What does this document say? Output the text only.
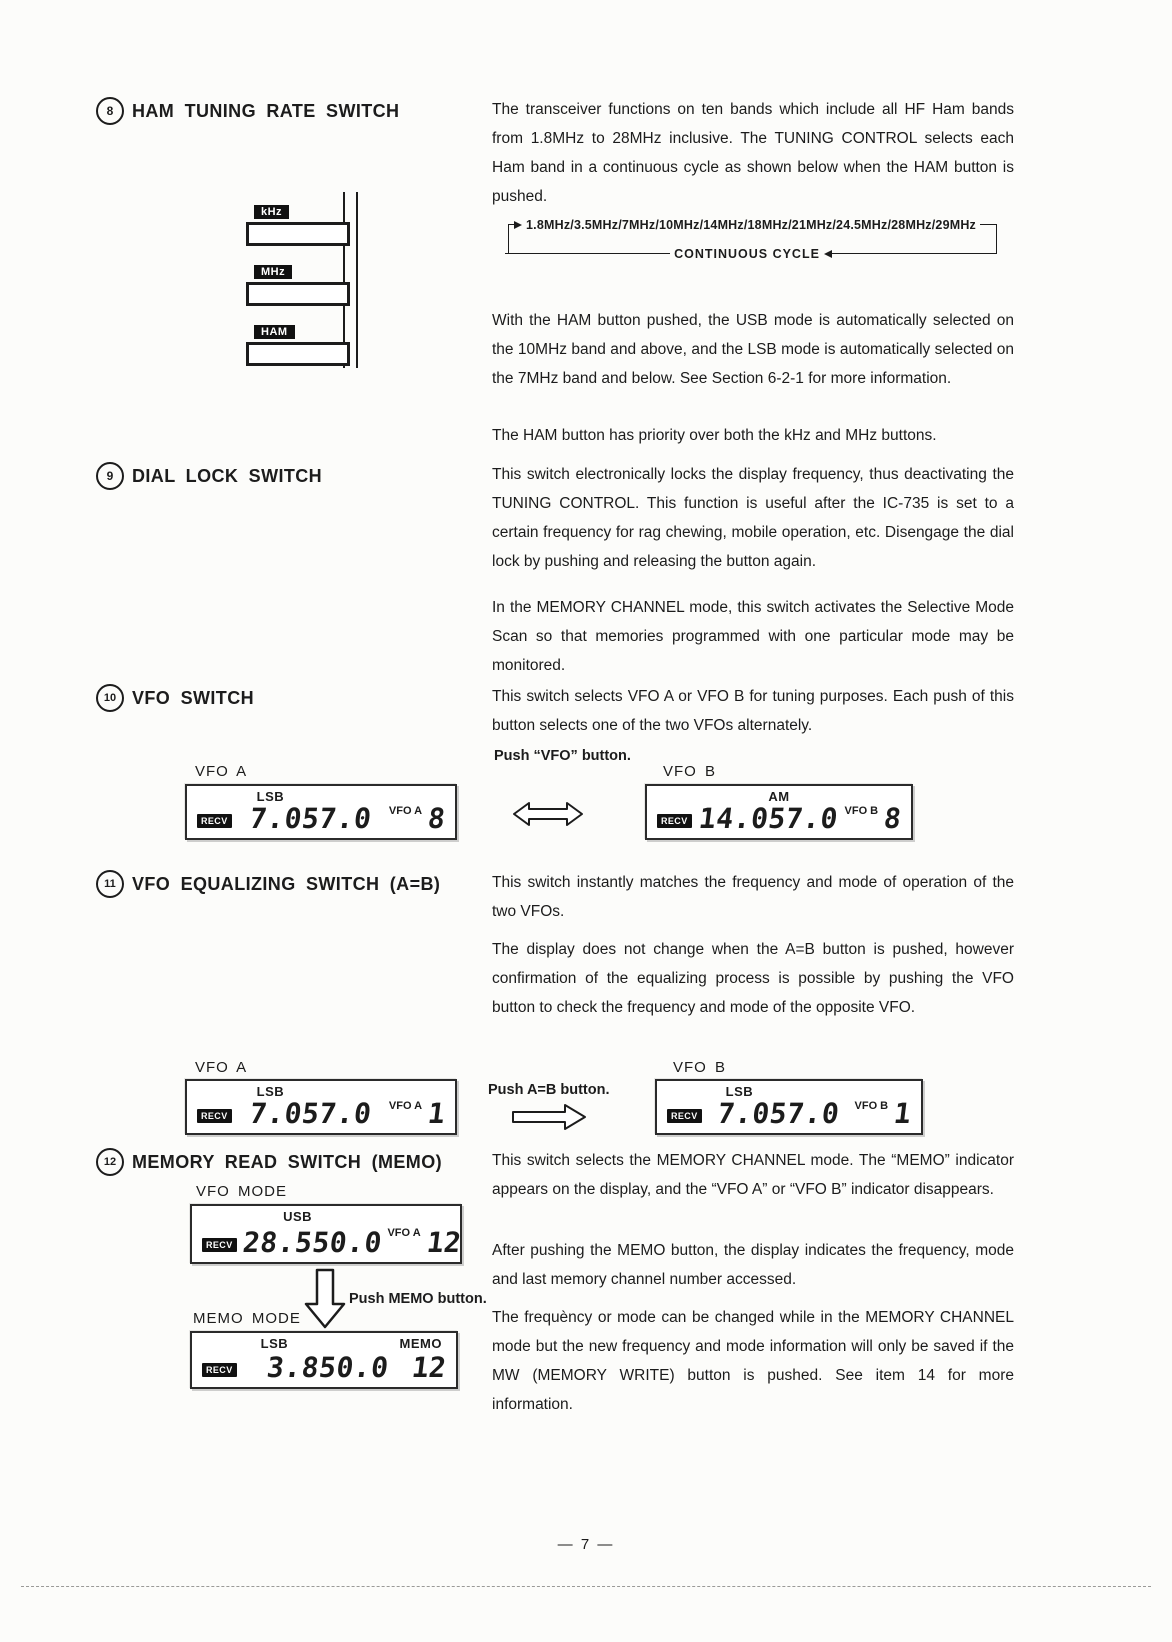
8	HAM TUNING RATE SWITCH	The transceiver functions on ten bands which include all HF Ham bands from 1.8MHz to 28MHz inclusive. The TUNING CONTROL selects each Ham band in a continuous cycle as shown below when the HAM button is pushed.
1.8MHz/3.5MHz/7MHz/10MHz/14MHz/18MHz/21MHz/24.5MHz/28MHz/29MHz
CONTINUOUS CYCLE
With the HAM button pushed, the USB mode is automatically selected on the 10MHz band and above, and the LSB mode is automatically selected on the 7MHz band and below. See Section 6-2-1 for more information.
The HAM button has priority over both the kHz and MHz buttons.
kHz
MHz
HAM
9	DIAL LOCK SWITCH	This switch electronically locks the display frequency, thus deactivating the TUNING CONTROL. This function is useful after the IC-735 is set to a certain frequency for rag chewing, mobile operation, etc. Disengage the dial lock by pushing and releasing the button again.
In the MEMORY CHANNEL mode, this switch activates the Selective Mode Scan so that memories programmed with one particular mode may be monitored.
10 VFO SWITCH	This switch selects VFO A or VFO B for tuning purposes. Each push of this button selects one of the two VFOs alternately.
Push “VFO” button.
VFO A
LSB
RECV 7.057.0	VFO A 8
VFO B
AM
RECV 14.057.0 VFO B 8
11 VFO EQUALIZING SWITCH (A=B)	This switch instantly matches the frequency and mode of operation of the two VFOs.
The display does not change when the A=B button is pushed, however confirmation of the equalizing process is possible by pushing the VFO button to check the frequency and mode of the opposite VFO.
VFO A
LSB
RECV 7.057.0	VFO A 1
Push A=B button.
VFO B
LSB
RECV 7.057.0	VFO B 1
12 MEMORY READ SWITCH (MEMO)
VFO MODE
USB
RECV 28.550.0 VFO A 12
Push MEMO button.
MEMO MODE
LSB	MEMO
RECV	3.850.0 12
This switch selects the MEMORY CHANNEL mode. The “MEMO” indicator appears on the display, and the “VFO A” or “VFO B” indicator disappears.
After pushing the MEMO button, the display indicates the frequency, mode and last memory channel number accessed.
The frequèncy or mode can be changed while in the MEMORY CHANNEL mode but the new frequency and mode information will only be saved if the MW (MEMORY WRITE) button is pushed. See item 14 for more information.
— 7 —
